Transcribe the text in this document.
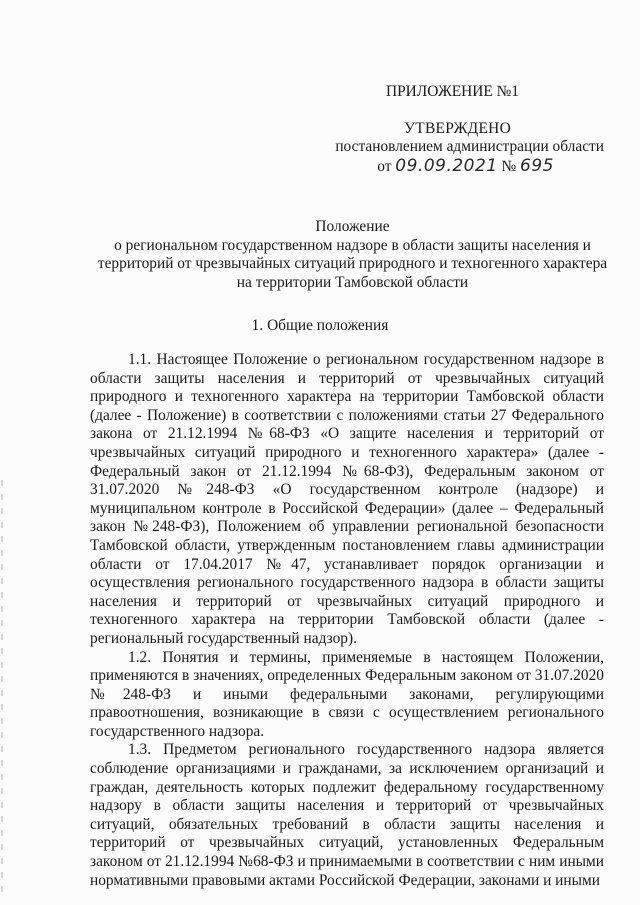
ПРИЛОЖЕНИЕ №1
УТВЕРЖДЕНО
постановлением администрации области
от 09.09.2021 № 695
Положение
о региональном государственном надзоре в области защиты населения и
территорий от чрезвычайных ситуаций природного и техногенного характера
на территории Тамбовской области
1. Общие положения

1.1. Настоящее Положение о региональном государственном надзоре в области защиты населения и территорий от чрезвычайных ситуаций природного и техногенного характера на территории Тамбовской области (далее - Положение) в соответствии с положениями статьи 27 Федерального закона от 21.12.1994 №68-ФЗ «О защите населения и территорий от чрезвычайных ситуаций природного и техногенного характера» (далее - Федеральный закон от 21.12.1994 №68-ФЗ), Федеральным законом от 31.07.2020 №248-ФЗ «О государственном контроле (надзоре) и муниципальном контроле в Российской Федерации» (далее – Федеральный закон №248-ФЗ), Положением об управлении региональной безопасности Тамбовской области, утвержденным постановлением главы администрации области от 17.04.2017 №47, устанавливает порядок организации и осуществления регионального государственного надзора в области защиты населения и территорий от чрезвычайных ситуаций природного и техногенного характера на территории Тамбовской области (далее - региональный государственный надзор).

1.2. Понятия и термины, применяемые в настоящем Положении, применяются в значениях, определенных Федеральным законом от 31.07.2020 №248-ФЗ и иными федеральными законами, регулирующими правоотношения, возникающие в связи с осуществлением регионального государственного надзора.

1.3. Предметом регионального государственного надзора является соблюдение организациями и гражданами, за исключением организаций и граждан, деятельность которых подлежит федеральному государственному надзору в области защиты населения и территорий от чрезвычайных ситуаций, обязательных требований в области защиты населения и территорий от чрезвычайных ситуаций, установленных Федеральным законом от 21.12.1994 №68-ФЗ и принимаемыми в соответствии с ним иными нормативными правовыми актами Российской Федерации, законами и иными
